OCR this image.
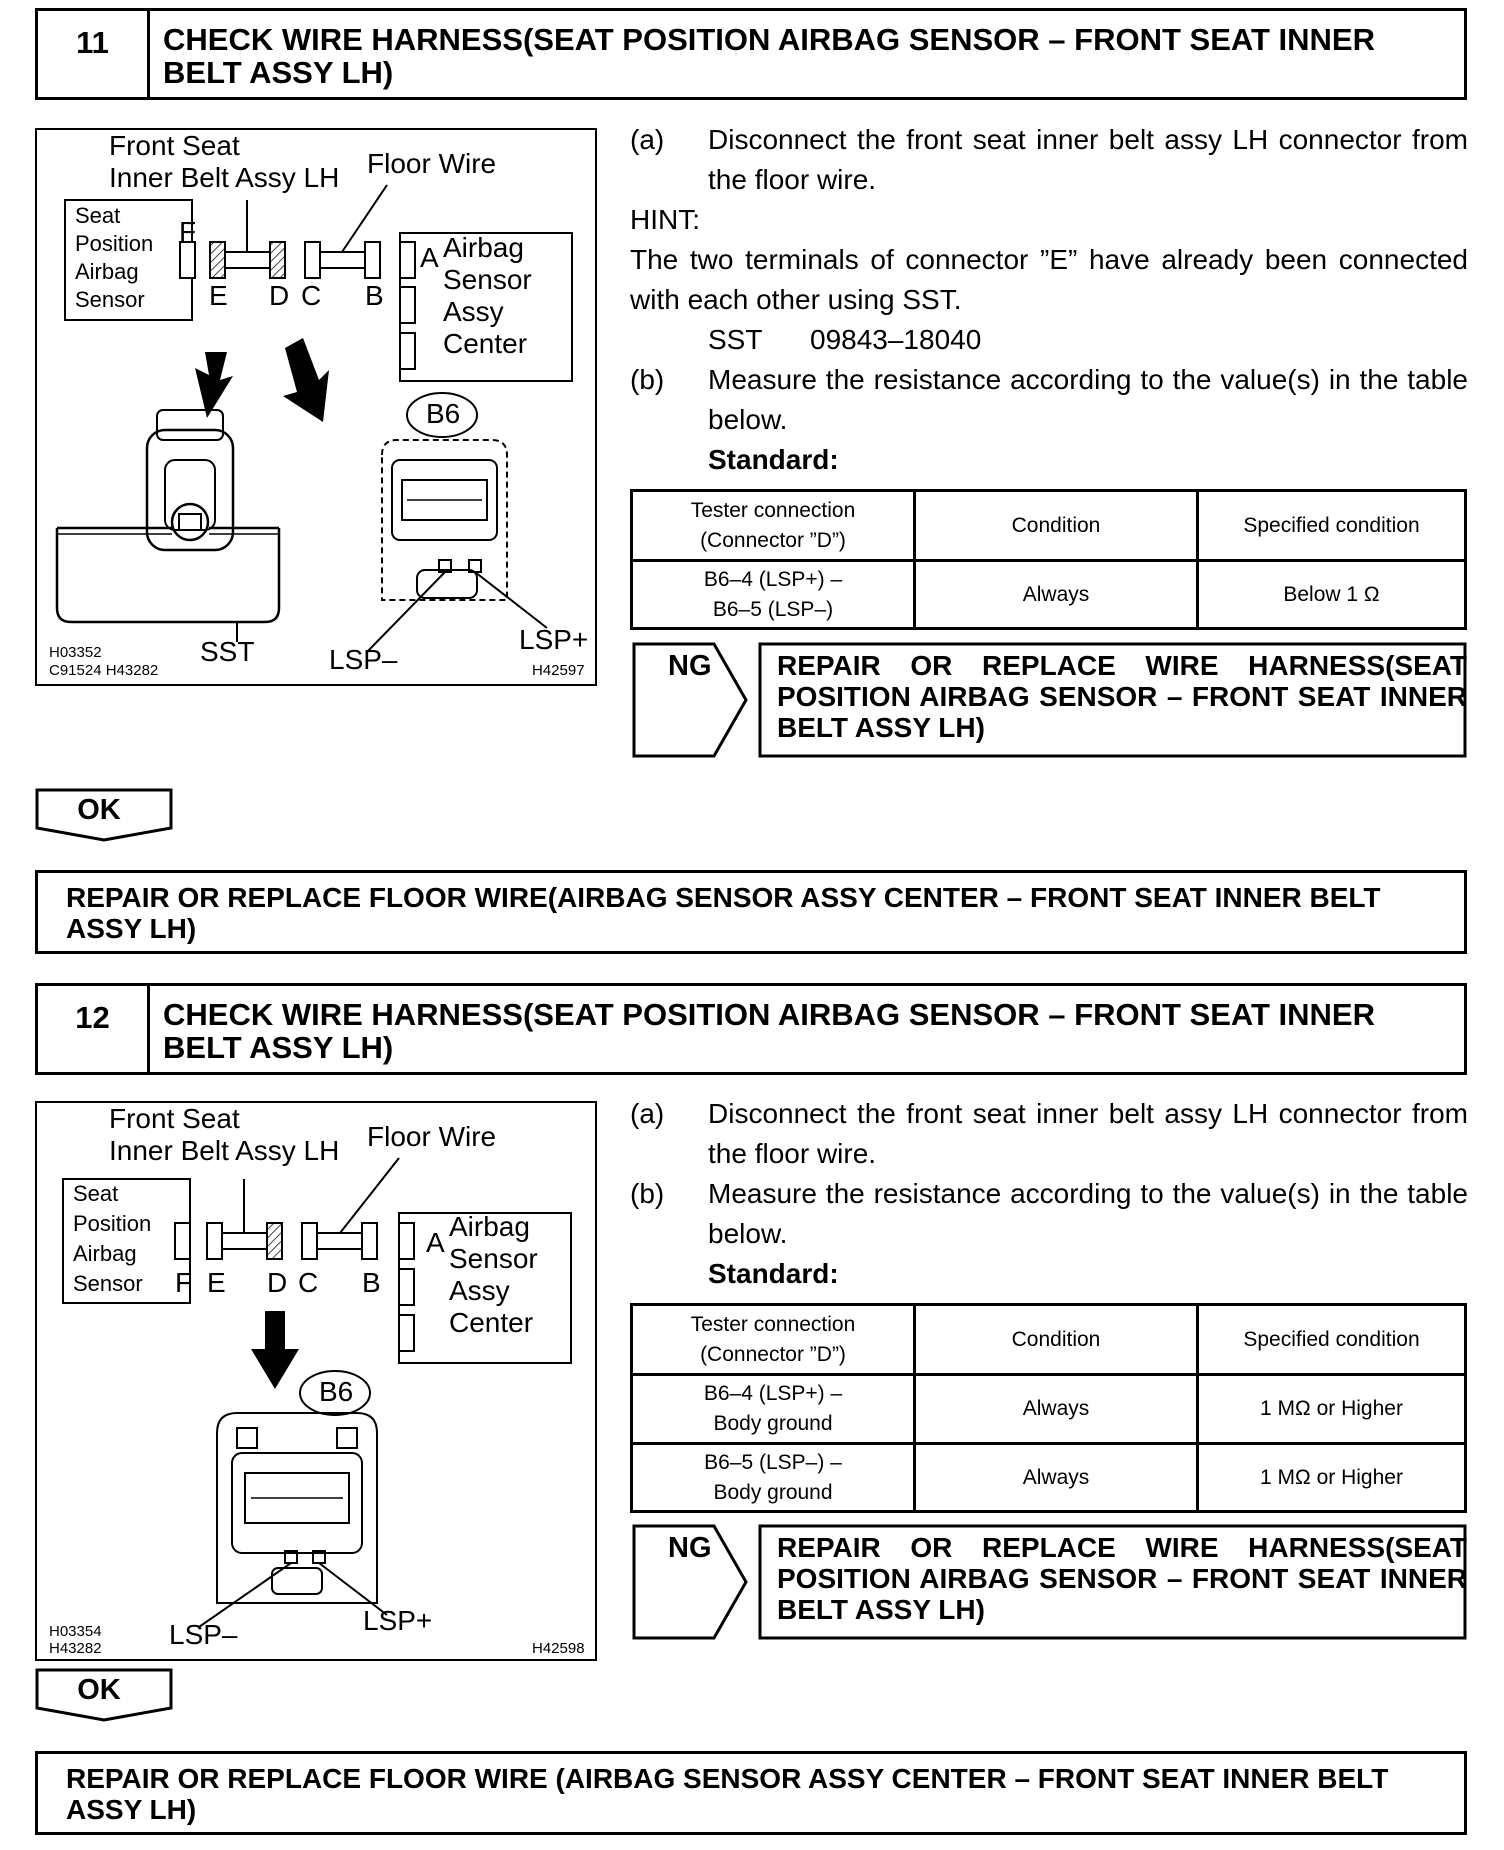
11	CHECK WIRE HARNESS(SEAT POSITION AIRBAG SENSOR – FRONT SEAT INNER BELT ASSY LH)
Front Seat
Inner Belt Assy LH Floor Wire
Seat
Position
Airbag
Sensor
Airbag
Sensor
Assy
Center
F
E D C B
A
B6
SST	LSP–
LSP+
H03352
C91524 H43282	H42597
(a) Disconnect the front seat inner belt assy LH connector from the floor wire.
HINT:
The two terminals of connector ”E” have already been connected with each other using SST.
SST 09843–18040
(b) Measure the resistance according to the value(s) in the table below.
Standard:
Tester connection
(Connector ”D”)	Condition	Specified condition

B6–4 (LSP+) –
B6–5 (LSP–)	Always	Below 1 Ω
NG REPAIR OR REPLACE WIRE HARNESS(SEAT POSITION AIRBAG SENSOR – FRONT SEAT INNER BELT ASSY LH)
OK
REPAIR OR REPLACE FLOOR WIRE(AIRBAG SENSOR ASSY CENTER – FRONT SEAT INNER BELT ASSY LH)
12	CHECK WIRE HARNESS(SEAT POSITION AIRBAG SENSOR – FRONT SEAT INNER BELT ASSY LH)
Front Seat
Inner Belt Assy LH Floor Wire
Seat
Position
Airbag
Sensor	F E D C B
A
Airbag
Sensor
Assy
Center
B6
LSP–	LSP+
H03354
H43282	H42598
(a) Disconnect the front seat inner belt assy LH connector from the floor wire.
(b) Measure the resistance according to the value(s) in the table below.
Standard:
Tester connection
(Connector ”D”)	Condition	Specified condition

B6–4 (LSP+) –
Body ground	Always	1 MΩ or Higher

B6–5 (LSP–) –
Body ground	Always	1 MΩ or Higher
NG REPAIR OR REPLACE WIRE HARNESS(SEAT POSITION AIRBAG SENSOR – FRONT SEAT INNER BELT ASSY LH)
OK
REPAIR OR REPLACE FLOOR WIRE (AIRBAG SENSOR ASSY CENTER – FRONT SEAT INNER BELT ASSY LH)
